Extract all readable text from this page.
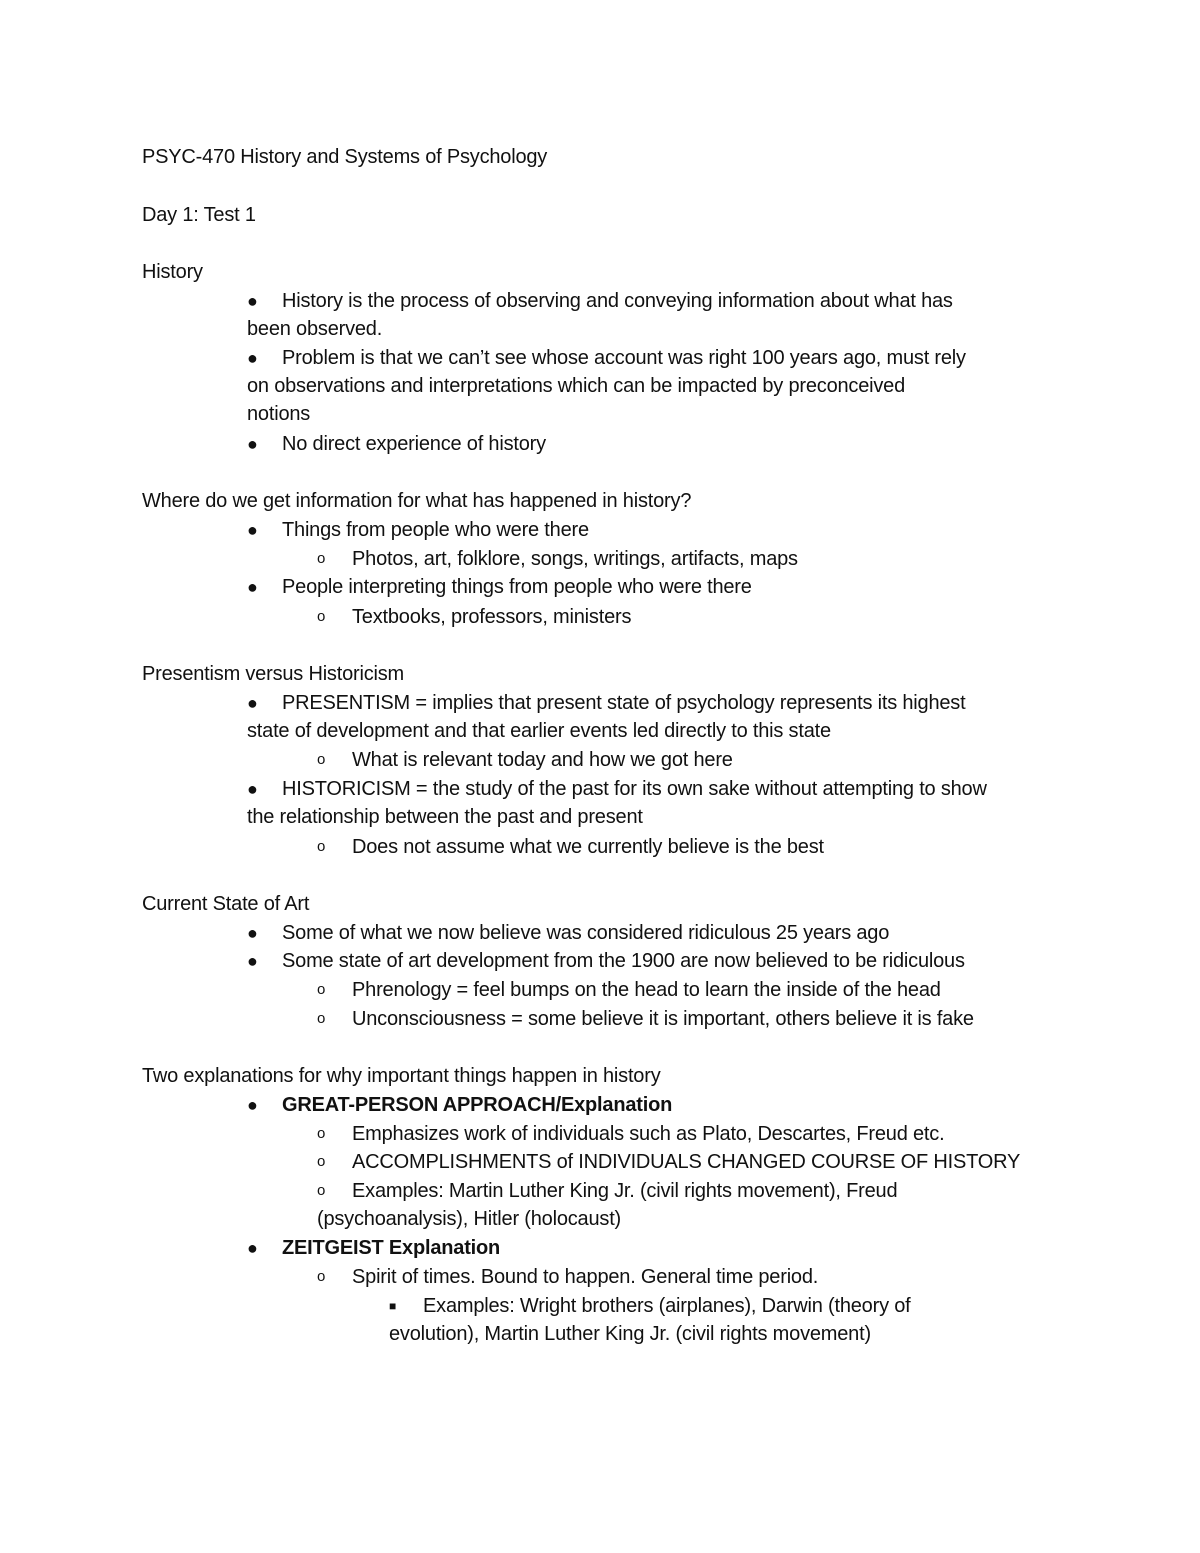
PSYC-470 History and Systems of Psychology
Day 1: Test 1
History
● History is the process of observing and conveying information about what has
been observed.
● Problem is that we can’t see whose account was right 100 years ago, must rely
on observations and interpretations which can be impacted by preconceived
notions
● No direct experience of history
Where do we get information for what has happened in history?
● Things from people who were there
o Photos, art, folklore, songs, writings, artifacts, maps
● People interpreting things from people who were there
o Textbooks, professors, ministers
Presentism versus Historicism
● PRESENTISM = implies that present state of psychology represents its highest
state of development and that earlier events led directly to this state
o What is relevant today and how we got here
● HISTORICISM = the study of the past for its own sake without attempting to show
the relationship between the past and present
o Does not assume what we currently believe is the best
Current State of Art
● Some of what we now believe was considered ridiculous 25 years ago
● Some state of art development from the 1900 are now believed to be ridiculous
o Phrenology = feel bumps on the head to learn the inside of the head
o Unconsciousness = some believe it is important, others believe it is fake
Two explanations for why important things happen in history
● GREAT-PERSON APPROACH/Explanation
o Emphasizes work of individuals such as Plato, Descartes, Freud etc.
o ACCOMPLISHMENTS of INDIVIDUALS CHANGED COURSE OF HISTORY
o Examples: Martin Luther King Jr. (civil rights movement), Freud
(psychoanalysis), Hitler (holocaust)
● ZEITGEIST Explanation
o Spirit of times. Bound to happen. General time period.
■ Examples: Wright brothers (airplanes), Darwin (theory of
evolution), Martin Luther King Jr. (civil rights movement)
